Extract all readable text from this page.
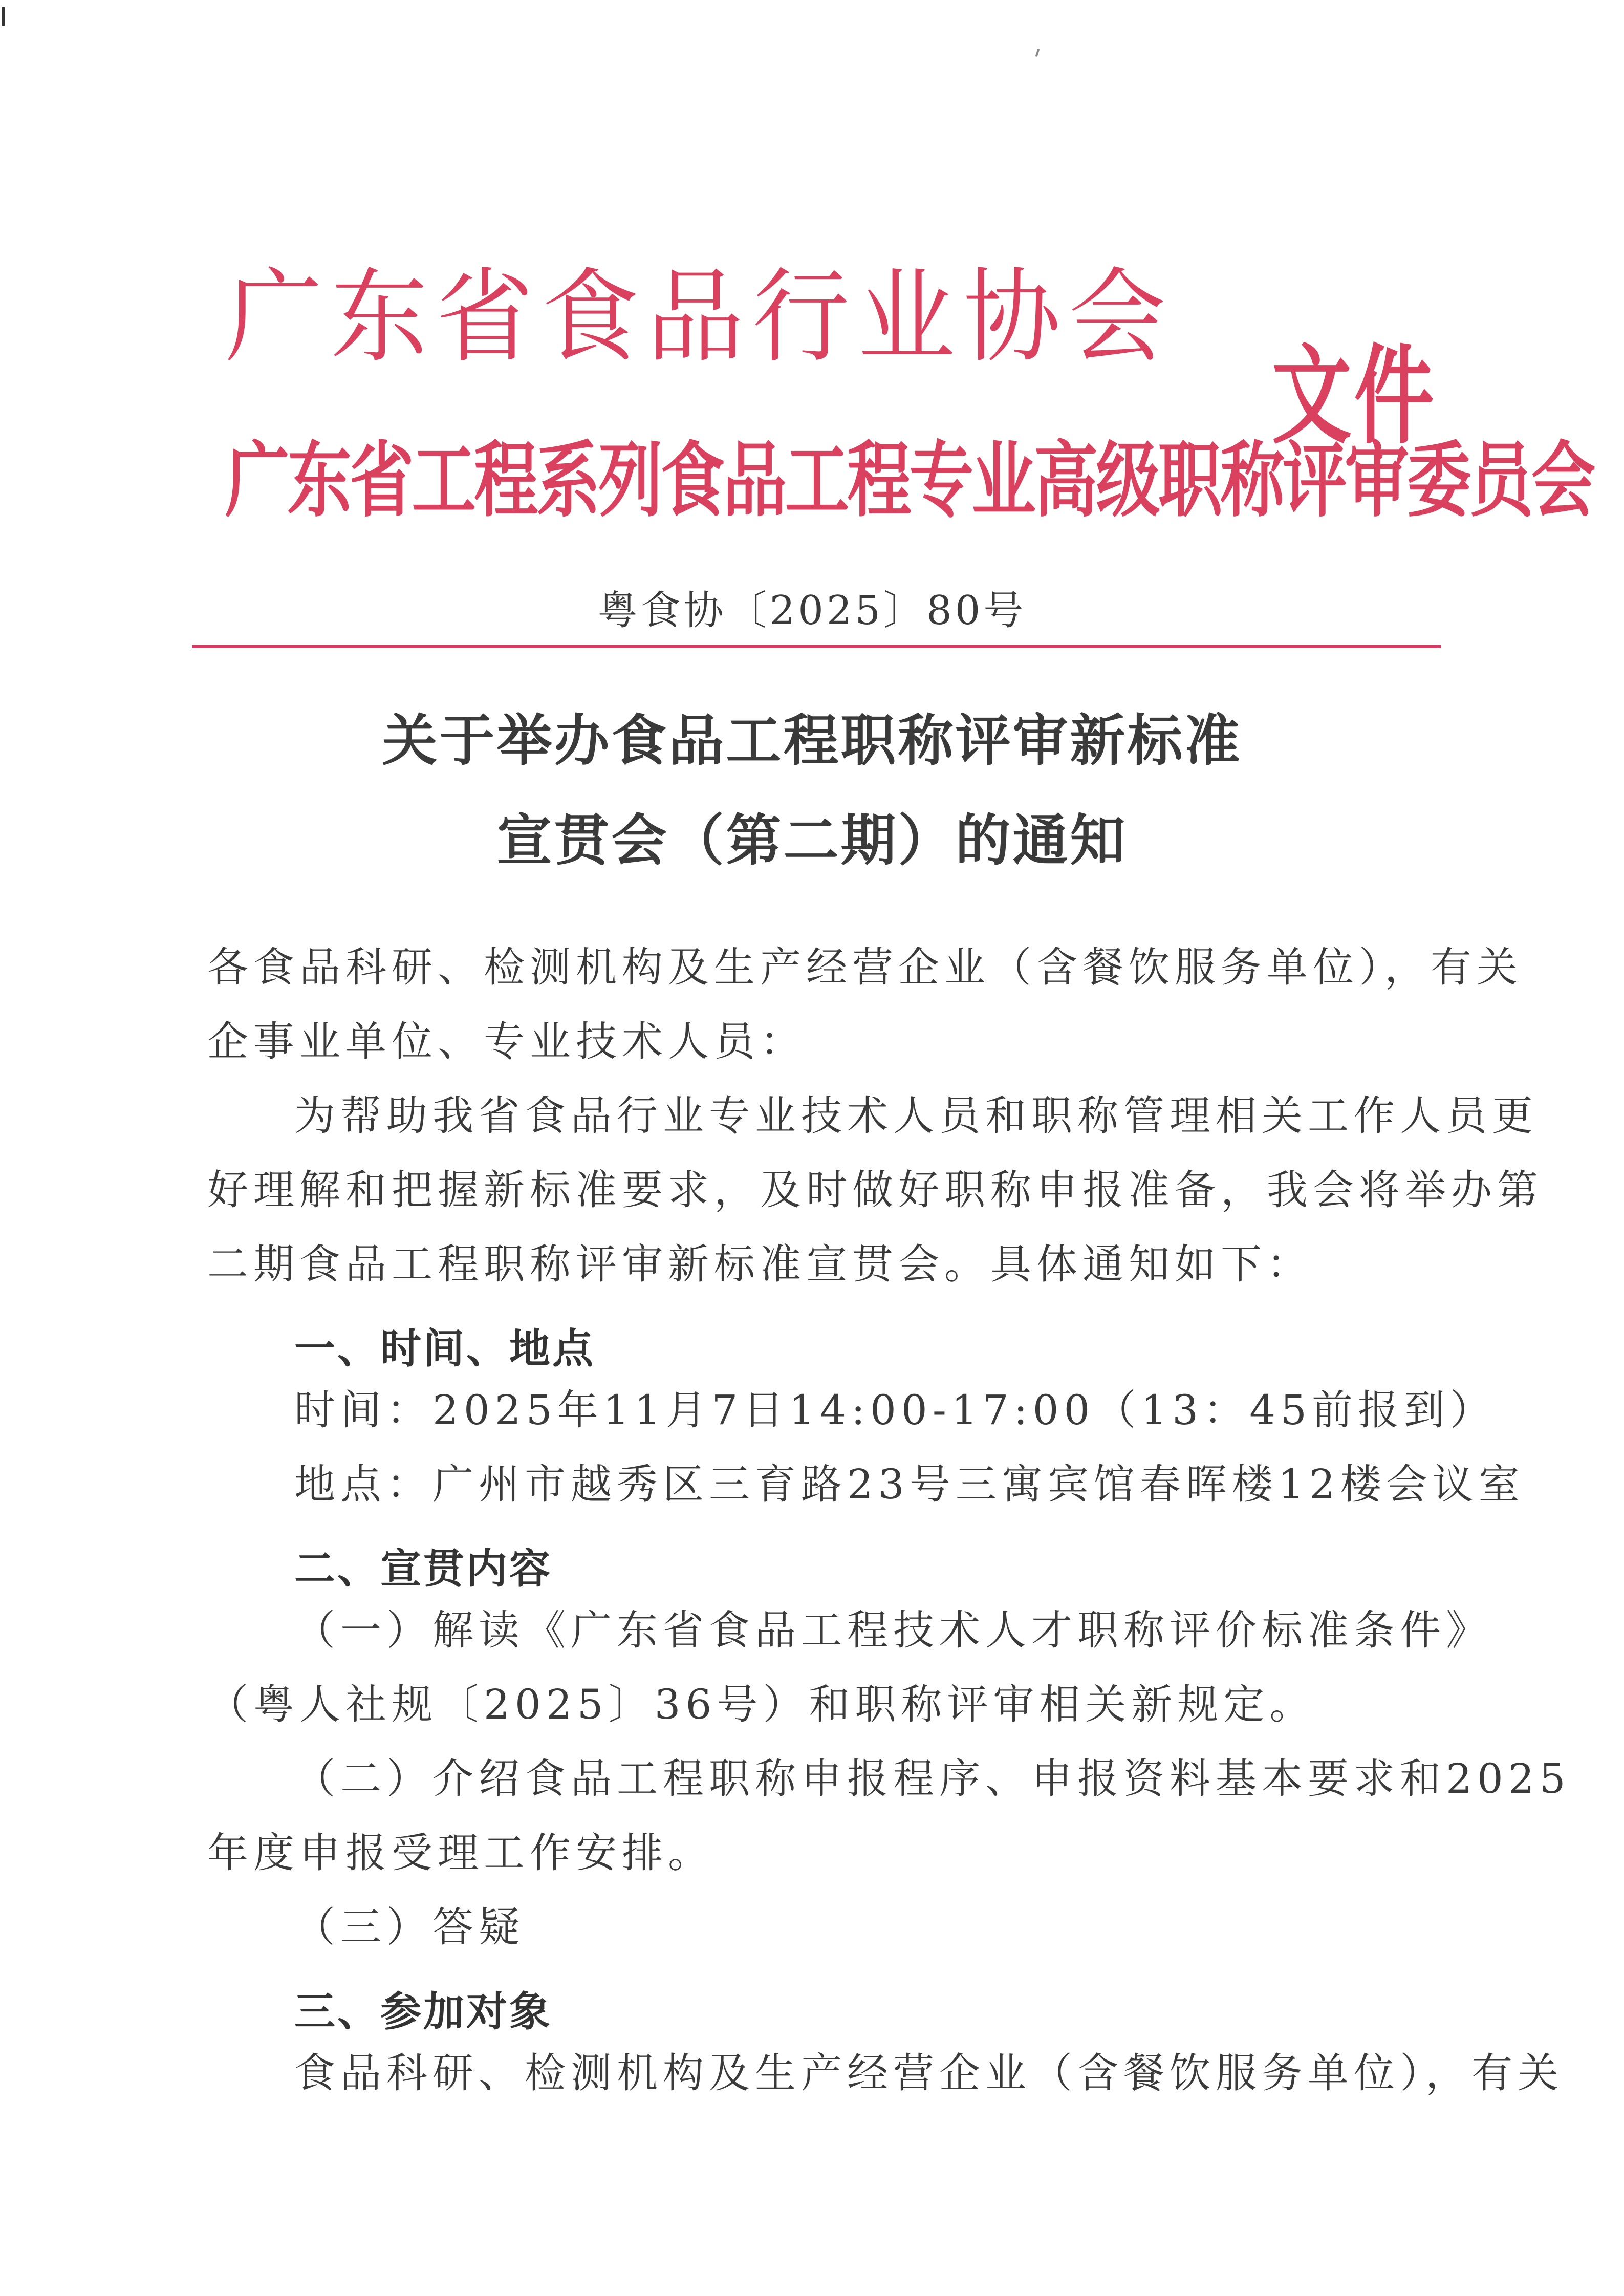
广东省食品行业协会
广东省工程系列食品工程专业高级职称评审委员会
文件
粤食协〔2025〕80号
关于举办食品工程职称评审新标准
宣贯会（第二期）的通知
各食品科研、检测机构及生产经营企业（含餐饮服务单位），有关
企事业单位、专业技术人员：
为帮助我省食品行业专业技术人员和职称管理相关工作人员更
好理解和把握新标准要求，及时做好职称申报准备，我会将举办第
二期食品工程职称评审新标准宣贯会。具体通知如下：
一、时间、地点
时间：2025年11月7日14:00-17:00（13：45前报到）
地点：广州市越秀区三育路23号三寓宾馆春晖楼12楼会议室
二、宣贯内容
（一）解读《广东省食品工程技术人才职称评价标准条件》
（粤人社规〔2025〕36号）和职称评审相关新规定。
（二）介绍食品工程职称申报程序、申报资料基本要求和2025
年度申报受理工作安排。
（三）答疑
三、参加对象
食品科研、检测机构及生产经营企业（含餐饮服务单位），有关
